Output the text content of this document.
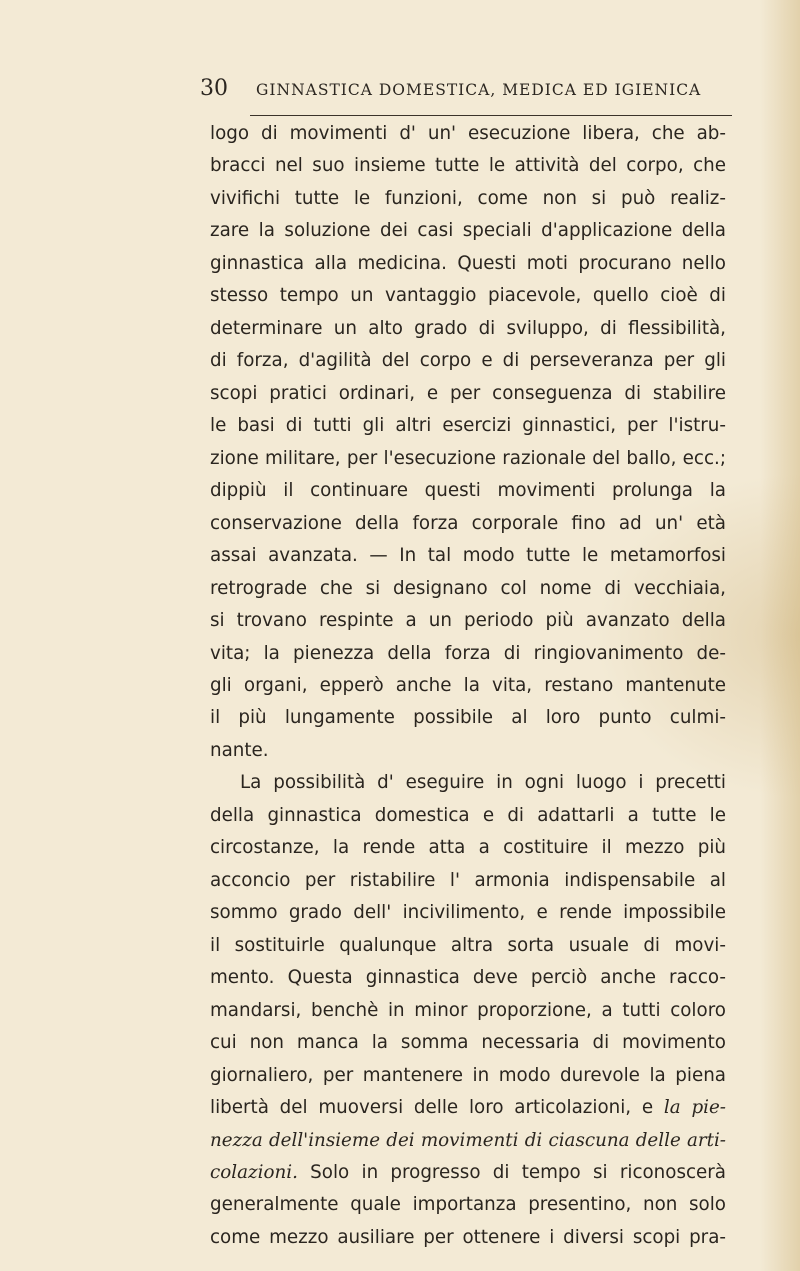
30 GINNASTICA DOMESTICA, MEDICA ED IGIENICA
logo di movimenti d' un' esecuzione libera, che ab-
bracci nel suo insieme tutte le attività del corpo, che
vivifichi tutte le funzioni, come non si può realiz-
zare la soluzione dei casi speciali d'applicazione della
ginnastica alla medicina. Questi moti procurano nello
stesso tempo un vantaggio piacevole, quello cioè di
determinare un alto grado di sviluppo, di flessibilità,
di forza, d'agilità del corpo e di perseveranza per gli
scopi pratici ordinari, e per conseguenza di stabilire
le basi di tutti gli altri esercizi ginnastici, per l'istru-
zione militare, per l'esecuzione razionale del ballo, ecc.;
dippiù il continuare questi movimenti prolunga la
conservazione della forza corporale fino ad un' età
assai avanzata. — In tal modo tutte le metamorfosi
retrograde che si designano col nome di vecchiaia,
si trovano respinte a un periodo più avanzato della
vita; la pienezza della forza di ringiovanimento de-
gli organi, epperò anche la vita, restano mantenute
il più lungamente possibile al loro punto culmi-
nante.
La possibilità d' eseguire in ogni luogo i precetti
della ginnastica domestica e di adattarli a tutte le
circostanze, la rende atta a costituire il mezzo più
acconcio per ristabilire l' armonia indispensabile al
sommo grado dell' incivilimento, e rende impossibile
il sostituirle qualunque altra sorta usuale di movi-
mento. Questa ginnastica deve perciò anche racco-
mandarsi, benchè in minor proporzione, a tutti coloro
cui non manca la somma necessaria di movimento
giornaliero, per mantenere in modo durevole la piena
libertà del muoversi delle loro articolazioni, e la pie-
nezza dell'insieme dei movimenti di ciascuna delle arti-
colazioni. Solo in progresso di tempo si riconoscerà
generalmente quale importanza presentino, non solo
come mezzo ausiliare per ottenere i diversi scopi pra-
